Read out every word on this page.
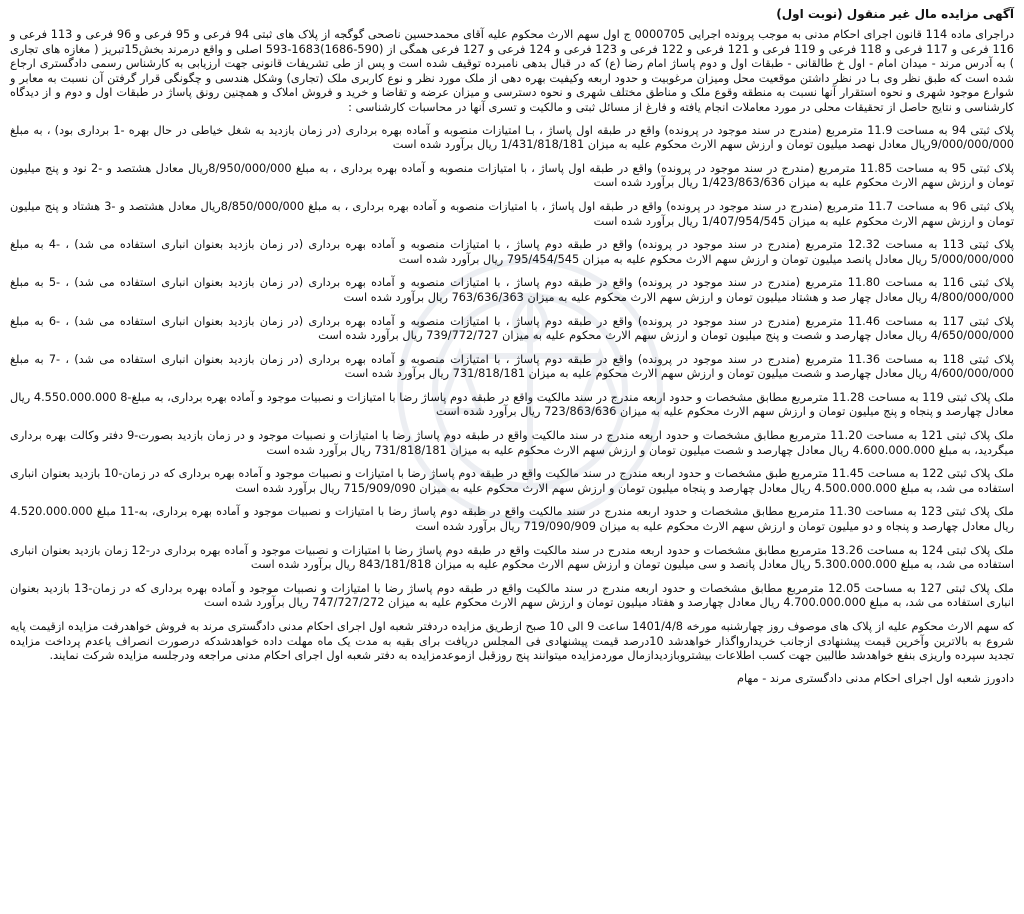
آگهی مزایده مال غیر منقول (نوبت اول)
دراجرای ماده 114 قانون اجرای احکام مدنی به موجب پرونده اجرایی 0000705 ج اول سهم الارث محکوم علیه آقای محمدحسین ناصحی گوگجه از پلاک های ثبتی 94 فرعی و 95 فرعی و 96 فرعی و 113 فرعی و 116 فرعی و 117 فرعی و 118 فرعی و 119 فرعی و 121 فرعی و 122 فرعی و 123 فرعی و 124 فرعی و 127 فرعی همگی از (590-1686)1683-593 اصلی و واقع درمرند بخش15تبریز ( مغازه های تجاری ) به آدرس مرند - میدان امام - اول خ طالقانی - طبقات اول و دوم پاساژ امام رضا (ع) که در قبال بدهی نامبرده توقیف شده است و پس از طی تشریفات قانونی جهت ارزیابی به کارشناس رسمی دادگستری ارجاع شده است که طبق نظر وی بـا در نظر داشتن موقعیت محل ومیزان مرغوبیت و حدود اربعه وکیفیت بهره دهی از ملک مورد نظر و نوع کاربری ملک (تجاری) وشکل هندسی و چگونگی قرار گرفتن آن نسبت به معابر و شوارع موجود شهری و نحوه استقرار آنها نسبت به منطقه وقوع ملک و مناطق مختلف شهری و نحوه دسترسی و میزان عرضه و تقاضا و خرید و فروش املاک و همچنین رونق پاساژ در طبقات اول و دوم و از دیدگاه کارشناسی و نتایج حاصل از تحقیقات محلی در مورد معاملات انجام یافته و فارغ از مسائل ثبتی و مالکیت و تسری آنها در محاسبات کارشناسی :
پلاک ثبتی 94 به مساحت 11.9 مترمربع (مندرج در سند موجود در پرونده) واقع در طبقه اول پاساژ ، بـا امتیازات منصوبه و آماده بهره برداری (در زمان بازدید به شغل خیاطی در حال بهره -1 برداری بود) ، به مبلغ 9/000/000/000ریال معادل نهصد میلیون تومان و ارزش سهم الارث محکوم علیه به میزان 1/431/818/181 ریال برآورد شده است
پلاک ثبتی 95 به مساحت 11.85 مترمربع (مندرج در سند موجود در پرونده) واقع در طبقه اول پاساژ ، با امتیازات منصوبه و آماده بهره برداری ، به مبلغ 8/950/000/000ریال معادل هشتصد و -2 نود و پنج میلیون تومان و ارزش سهم الارث محکوم علیه به میزان 1/423/863/636 ریال برآورد شده است
پلاک ثبتی 96 به مساحت 11.7 مترمربع (مندرج در سند موجود در پرونده) واقع در طبقه اول پاساژ ، با امتیازات منصوبه و آماده بهره برداری ، به مبلغ 8/850/000/000ریال معادل هشتصد و -3 هشتاد و پنج میلیون تومان و ارزش سهم الارث محکوم علیه به میزان 1/407/954/545 ریال برآورد شده است
پلاک ثبتی 113 به مساحت 12.32 مترمربع (مندرج در سند موجود در پرونده) واقع در طبقه دوم پاساژ ، با امتیازات منصوبه و آماده بهره برداری (در زمان بازدید بعنوان انباری استفاده می شد) ، -4 به مبلغ 5/000/000/000 ریال معادل پانصد میلیون تومان و ارزش سهم الارث محکوم علیه به میزان 795/454/545 ریال برآورد شده است
پلاک ثبتی 116 به مساحت 11.80 مترمربع (مندرج در سند موجود در پرونده) واقع در طبقه دوم پاساژ ، با امتیازات منصوبه و آماده بهره برداری (در زمان بازدید بعنوان انباری استفاده می شد) ، -5 به مبلغ 4/800/000/000 ریال معادل چهار صد و هشتاد میلیون تومان و ارزش سهم الارث محکوم علیه به میزان 763/636/363 ریال برآورد شده است
پلاک ثبتی 117 به مساحت 11.46 مترمربع (مندرج در سند موجود در پرونده) واقع در طبقه دوم پاساژ ، با امتیازات منصوبه و آماده بهره برداری (در زمان بازدید بعنوان انباری استفاده می شد) ، -6 به مبلغ 4/650/000/000 ریال معادل چهارصد و شصت و پنج میلیون تومان و ارزش سهم الارث محکوم علیه به میزان 739/772/727 ریال برآورد شده است
پلاک ثبتی 118 به مساحت 11.36 مترمربع (مندرج در سند موجود در پرونده) واقع در طبقه دوم پاساژ ، با امتیازات منصوبه و آماده بهره برداری (در زمان بازدید بعنوان انباری استفاده می شد) ، -7 به مبلغ 4/600/000/000 ریال معادل چهارصد و شصت میلیون تومان و ارزش سهم الارث محکوم علیه به میزان 731/818/181 ریال برآورد شده است
ملک پلاک ثبتی 119 به مساحت 11.28 مترمربع مطابق مشخصات و حدود اربعه مندرج در سند مالکیت واقع در طبقه دوم پاساژ رضا با امتیازات و نصبیات موجود و آماده بهره برداری، به مبلغ-8 4.550.000.000 ریال معادل چهارصد و پنجاه و پنج میلیون تومان و ارزش سهم الارث محکوم علیه به میزان 723/863/636 ریال برآورد شده است
ملک پلاک ثبتی 121 به مساحت 11.20 مترمربع مطابق مشخصات و حدود اربعه مندرج در سند مالکیت واقع در طبقه دوم پاساژ رضا با امتیازات و نصبیات موجود و در زمان بازدید بصورت-9 دفتر وکالت بهره برداری میگردید، به مبلغ 4.600.000.000 ریال معادل چهارصد و شصت میلیون تومان و ارزش سهم الارث محکوم علیه به میزان 731/818/181 ریال برآورد شده است
ملک پلاک ثبتی 122 به مساحت 11.45 مترمربع طبق مشخصات و حدود اربعه مندرج در سند مالکیت واقع در طبقه دوم پاساژ رضا با امتیازات و نصبیات موجود و آماده بهره برداری که در زمان-10 بازدید بعنوان انباری استفاده می شد، به مبلغ 4.500.000.000 ریال معادل چهارصد و پنجاه میلیون تومان و ارزش سهم الارث محکوم علیه به میزان 715/909/090 ریال برآورد شده است
ملک پلاک ثبتی 123 به مساحت 11.30 مترمربع مطابق مشخصات و حدود اربعه مندرج در سند مالکیت واقع در طبقه دوم پاساژ رضا با امتیازات و نصبیات موجود و آماده بهره برداری، به-11 مبلغ 4.520.000.000 ریال معادل چهارصد و پنجاه و دو میلیون تومان و ارزش سهم الارث محکوم علیه به میزان 719/090/909 ریال برآورد شده است
ملک پلاک ثبتی 124 به مساحت 13.26 مترمربع مطابق مشخصات و حدود اربعه مندرج در سند مالکیت واقع در طبقه دوم پاساژ رضا با امتیازات و نصبیات موجود و آماده بهره برداری در-12 زمان بازدید بعنوان انباری استفاده می شد، به مبلغ 5.300.000.000 ریال معادل پانصد و سی میلیون تومان و ارزش سهم الارث محکوم علیه به میزان 843/181/818 ریال برآورد شده است
ملک پلاک ثبتی 127 به مساحت 12.05 مترمربع مطابق مشخصات و حدود اربعه مندرج در سند مالکیت واقع در طبقه دوم پاساژ رضا با امتیازات و نصبیات موجود و آماده بهره برداری که در زمان-13 بازدید بعنوان انباری استفاده می شد، به مبلغ 4.700.000.000 ریال معادل چهارصد و هفتاد میلیون تومان و ارزش سهم الارث محکوم علیه به میزان 747/727/272 ریال برآورد شده است
که سهم الارث محکوم علیه از پلاک های موصوف روز چهارشنبه مورخه 1401/4/8 ساعت 9 الی 10 صبح ازطریق مزایده دردفتر شعبه اول اجرای احکام مدنی دادگستری مرند به فروش خواهدرفت مزایده ازقیمت پایه شروع به بالاترین وآخرین قیمت پیشنهادی ازجانب خریدارواگذار خواهدشد 10درصد قیمت پیشنهادی فی المجلس دریافت برای بقیه به مدت یک ماه مهلت داده خواهدشدکه درصورت انصراف یاعدم پرداخت مزایده تجدید سپرده واریزی بنفع خواهدشد طالبین جهت کسب اطلاعات بیشتروبازدیدازمال موردمزایده میتوانند پنج روزقبل ازموعدمزایده به دفتر شعبه اول اجرای احکام مدنی مراجعه ودرجلسه مزایده شرکت نمایند.
دادورز شعبه اول اجرای احکام مدنی دادگستری مرند - مهام
